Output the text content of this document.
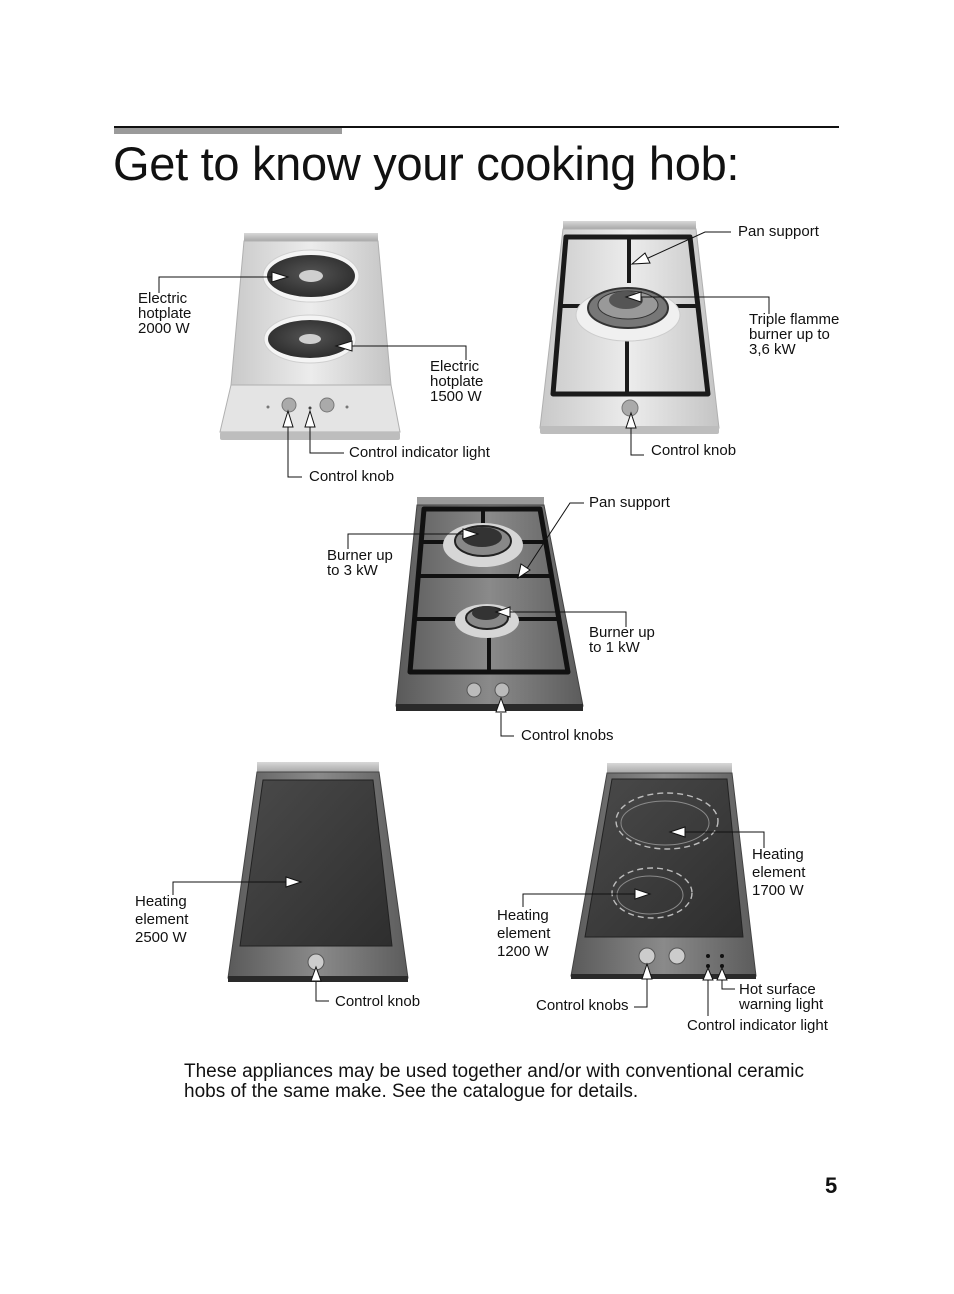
Get to know your cooking hob:
Electric
hotplate
2000 W
Electric
hotplate
1500 W
Control indicator light
Control knob
Pan support
Triple flamme
burner up to
3,6 kW
Control knob
Burner up
to 3 kW
Pan support
Burner up
to 1 kW
Control knobs
Heating
element
2500 W
Control knob
Heating
element
1700 W
Heating
element
1200 W
Control knobs
Hot surface
warning light
Control indicator light
These appliances may be used together and/or with conventional ceramic
hobs of the same make. See the catalogue for details.
5
